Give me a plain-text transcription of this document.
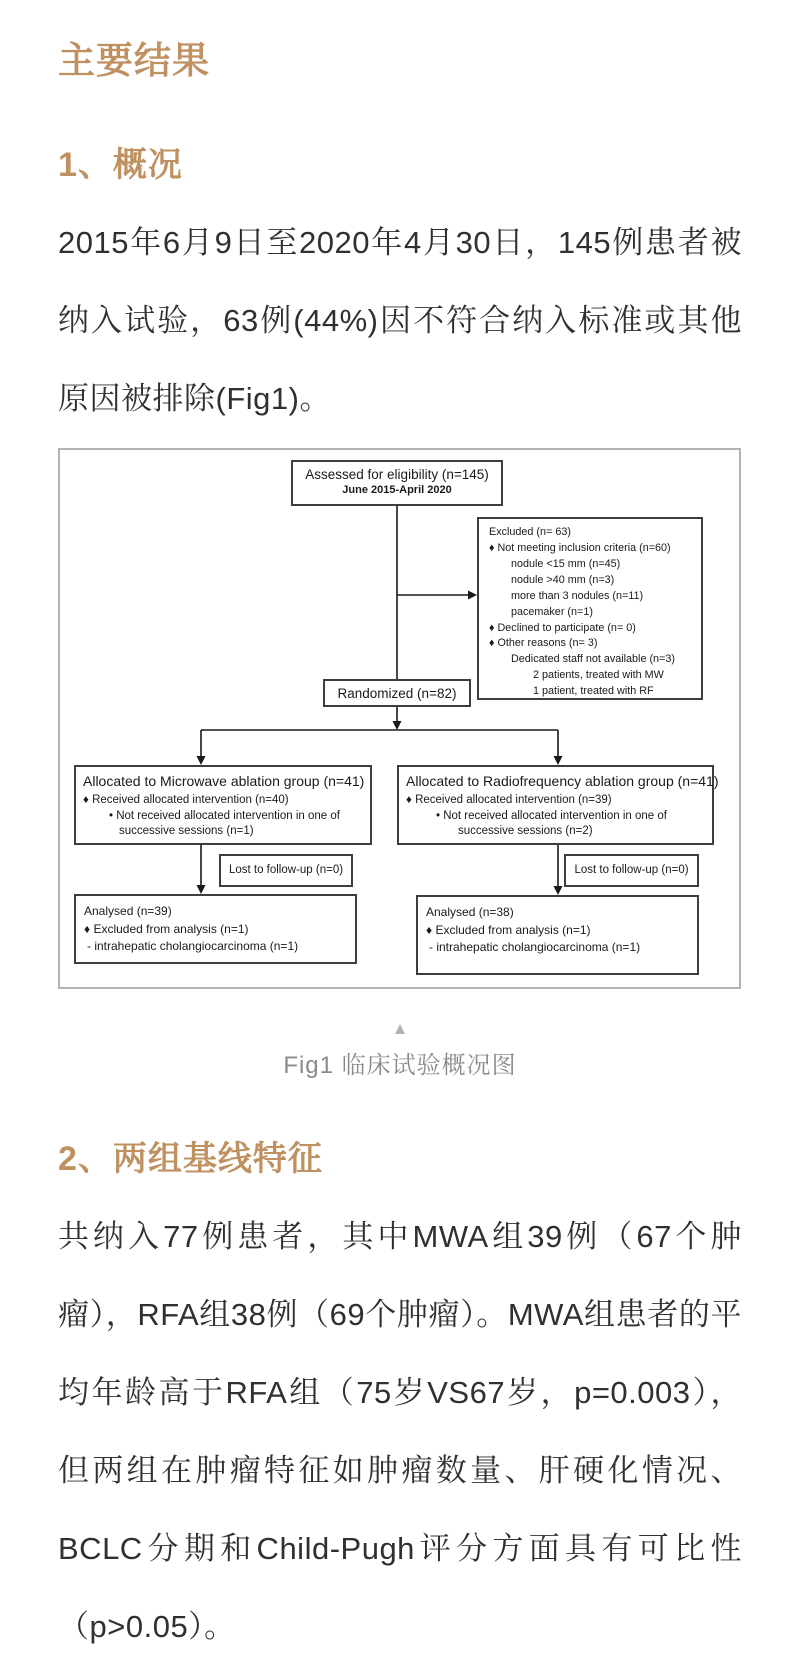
主要结果
1、概况

2015年6月9日至2020年4月30日，145例患者被纳入试验，63例(44%)因不符合纳入标准或其他原因被排除(Fig1)。

Assessed for eligibility (n=145)
June 2015-April 2020
Excluded (n= 63)
♦ Not meeting inclusion criteria (n=60)
nodule <15 mm (n=45)
nodule >40 mm (n=3)
more than 3 nodules (n=11)
pacemaker (n=1)
♦ Declined to participate (n= 0)
♦ Other reasons (n= 3)
Dedicated staff not available (n=3)
2 patients, treated with MW
1 patient, treated with RF
Randomized (n=82)
Allocated to Microwave ablation group (n=41)
♦ Received allocated intervention (n=40)
• Not received allocated intervention in one of
successive sessions (n=1)
Allocated to Radiofrequency ablation group (n=41)
♦ Received allocated intervention (n=39)
• Not received allocated intervention in one of
successive sessions (n=2)
Lost to follow-up (n=0)	Lost to follow-up (n=0)
Analysed (n=39)
♦ Excluded from analysis (n=1)
- intrahepatic cholangiocarcinoma (n=1)
Analysed (n=38)
♦ Excluded from analysis (n=1)
- intrahepatic cholangiocarcinoma (n=1)
▲
Fig1 临床试验概况图
2、两组基线特征

共纳入77例患者，其中MWA组39例（67个肿瘤），RFA组38例（69个肿瘤）。MWA组患者的平均年龄高于RFA组（75岁VS67岁，p=0.003），但两组在肿瘤特征如肿瘤数量、肝硬化情况、BCLC分期和Child-Pugh评分方面具有可比性（p>0.05）。
